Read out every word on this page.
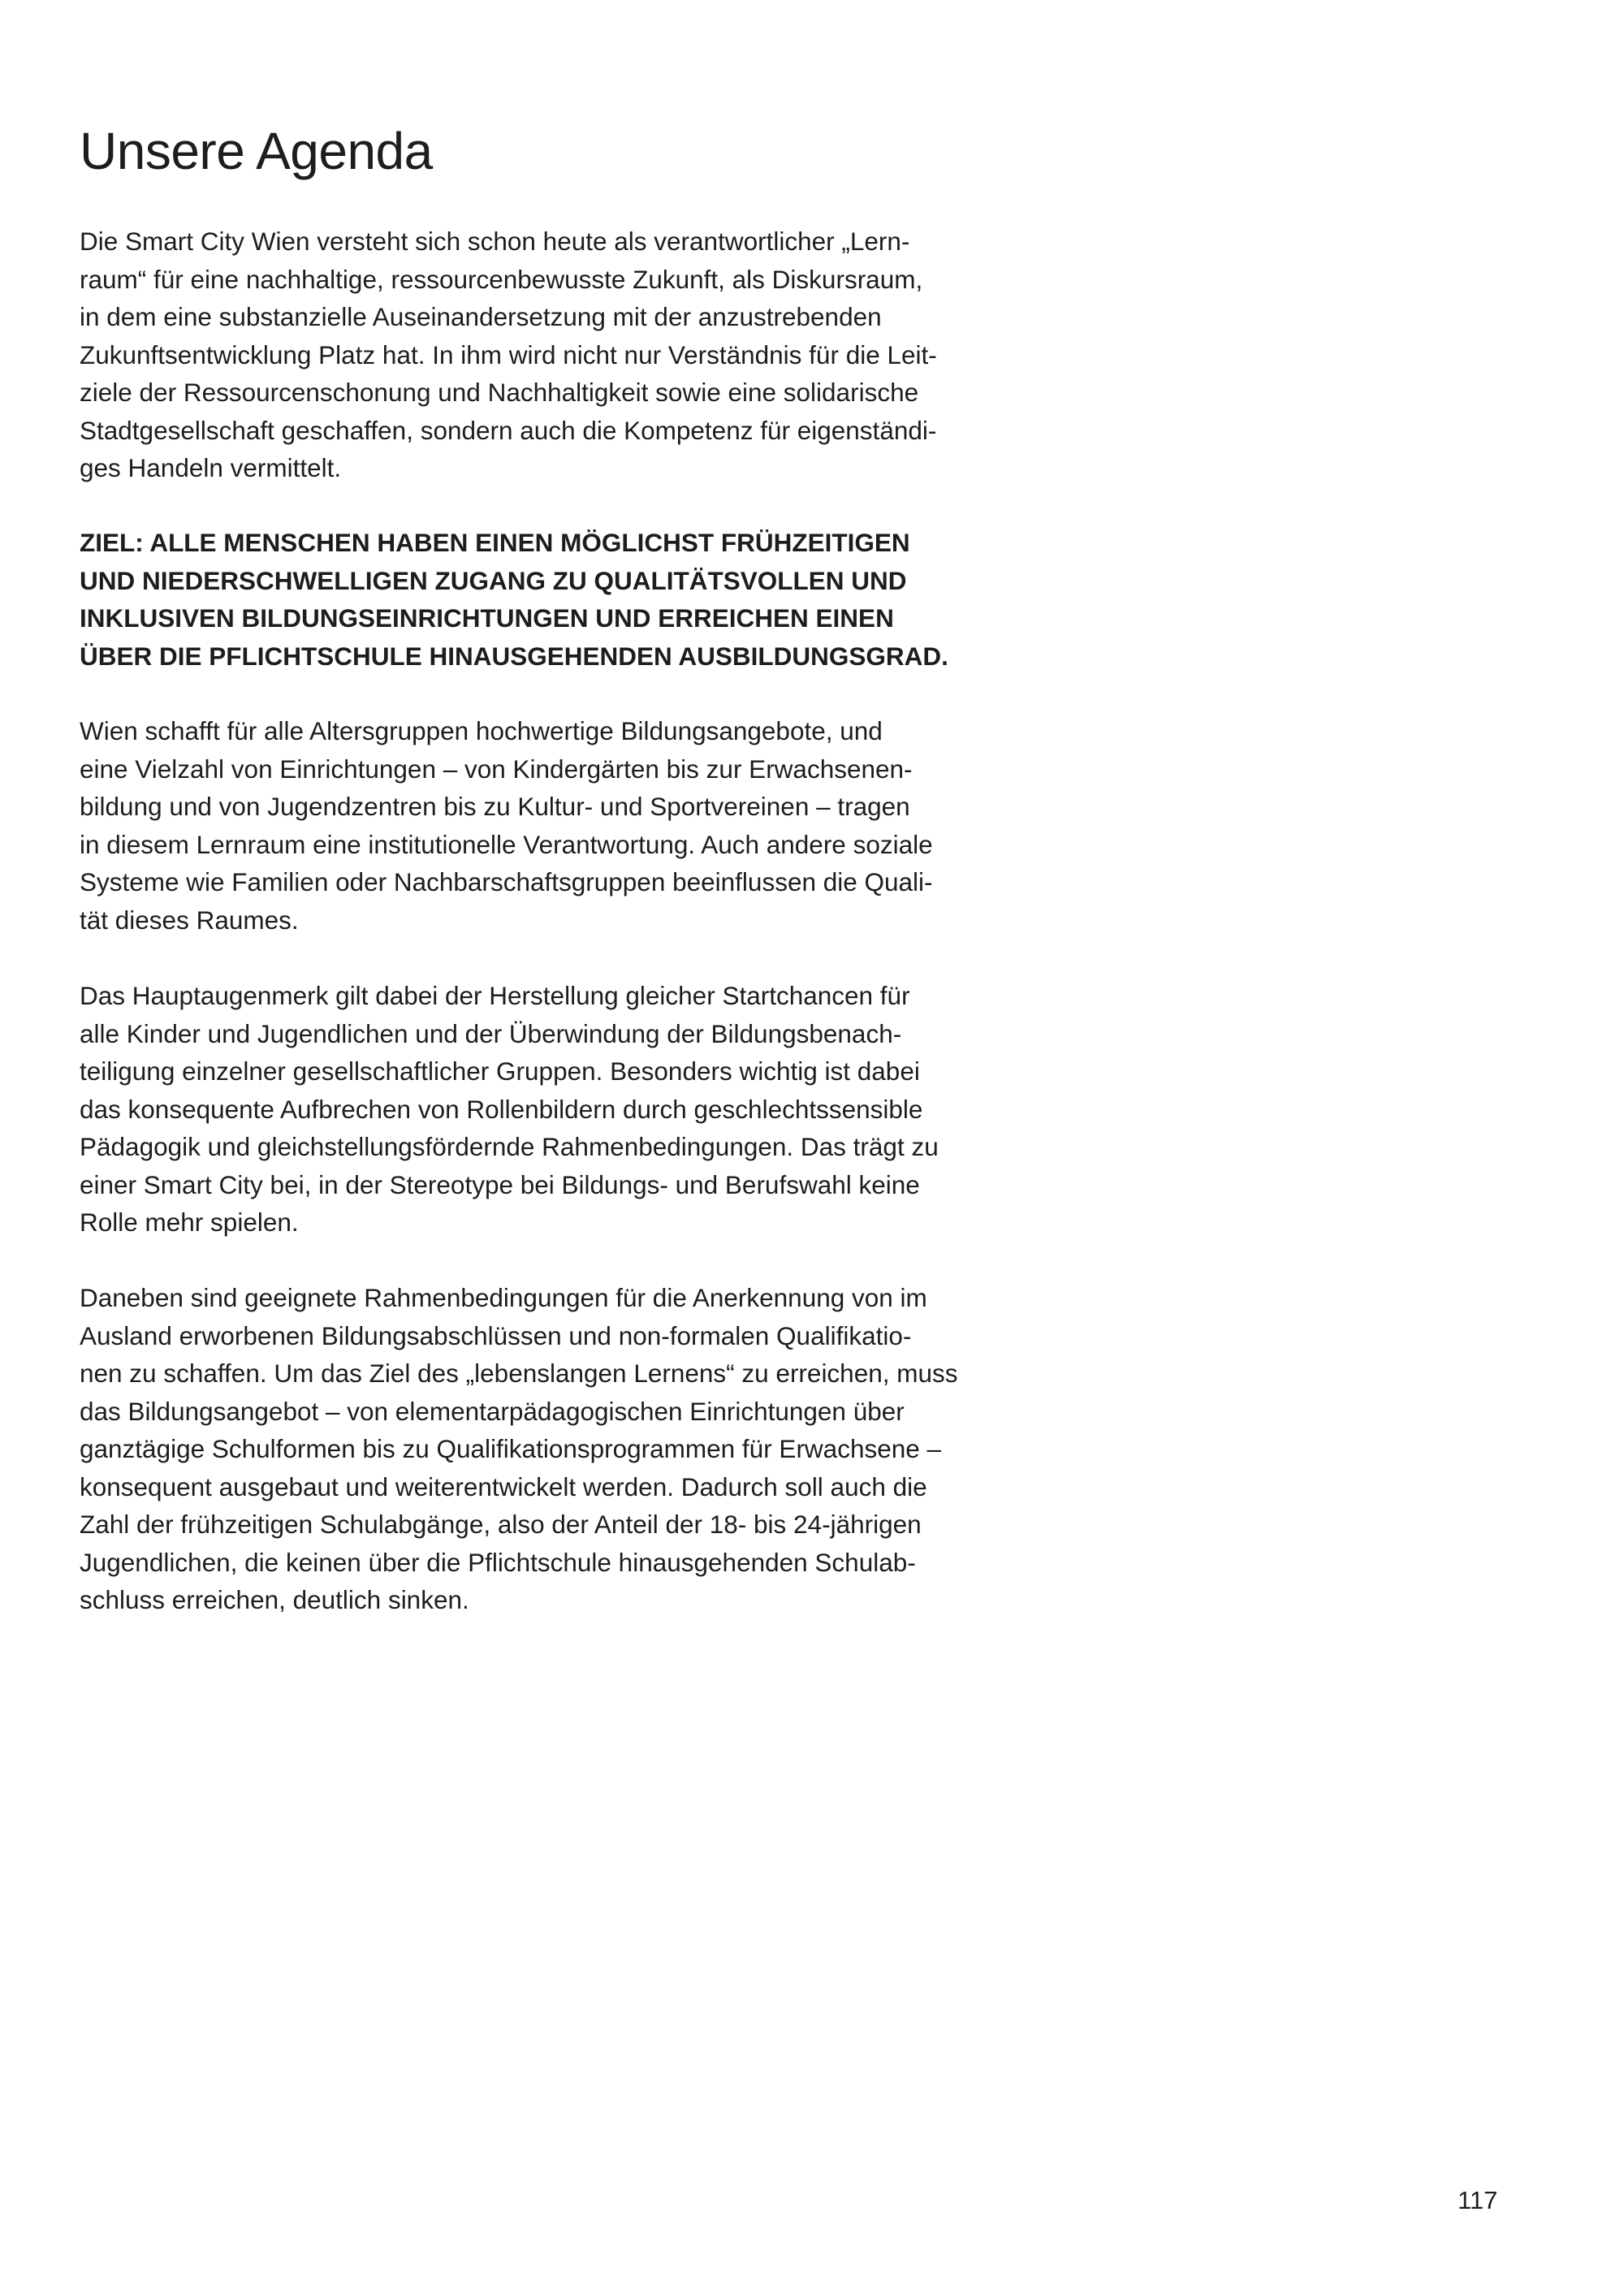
Unsere Agenda
Die Smart City Wien versteht sich schon heute als verantwortlicher „Lern-
raum“ für eine nachhaltige, ressourcenbewusste Zukunft, als Diskursraum,
in dem eine substanzielle Auseinandersetzung mit der anzustrebenden
Zukunftsentwicklung Platz hat. In ihm wird nicht nur Verständnis für die Leit-
ziele der Ressourcenschonung und Nachhaltigkeit sowie eine solidarische
Stadtgesellschaft geschaffen, sondern auch die Kompetenz für eigenständi-
ges Handeln vermittelt.
ZIEL: ALLE MENSCHEN HABEN EINEN MÖGLICHST FRÜHZEITIGEN
UND NIEDERSCHWELLIGEN ZUGANG ZU QUALITÄTSVOLLEN UND
INKLUSIVEN BILDUNGSEINRICHTUNGEN UND ERREICHEN EINEN
ÜBER DIE PFLICHTSCHULE HINAUSGEHENDEN AUSBILDUNGSGRAD.
Wien schafft für alle Altersgruppen hochwertige Bildungsangebote, und
eine Vielzahl von Einrichtungen – von Kindergärten bis zur Erwachsenen-
bildung und von Jugendzentren bis zu Kultur- und Sportvereinen – tragen
in diesem Lernraum eine institutionelle Verantwortung. Auch andere soziale
Systeme wie Familien oder Nachbarschaftsgruppen beeinflussen die Quali-
tät dieses Raumes.
Das Hauptaugenmerk gilt dabei der Herstellung gleicher Startchancen für
alle Kinder und Jugendlichen und der Überwindung der Bildungsbenach-
teiligung einzelner gesellschaftlicher Gruppen. Besonders wichtig ist dabei
das konsequente Aufbrechen von Rollenbildern durch geschlechtssensible
Pädagogik und gleichstellungsfördernde Rahmenbedingungen. Das trägt zu
einer Smart City bei, in der Stereotype bei Bildungs- und Berufswahl keine
Rolle mehr spielen.
Daneben sind geeignete Rahmenbedingungen für die Anerkennung von im
Ausland erworbenen Bildungsabschlüssen und non-formalen Qualifikatio-
nen zu schaffen. Um das Ziel des „lebenslangen Lernens“ zu erreichen, muss
das Bildungsangebot – von elementarpädagogischen Einrichtungen über
ganztägige Schulformen bis zu Qualifikationsprogrammen für Erwachsene –
konsequent ausgebaut und weiterentwickelt werden. Dadurch soll auch die
Zahl der frühzeitigen Schulabgänge, also der Anteil der 18- bis 24-jährigen
Jugendlichen, die keinen über die Pflichtschule hinausgehenden Schulab-
schluss erreichen, deutlich sinken.
117
